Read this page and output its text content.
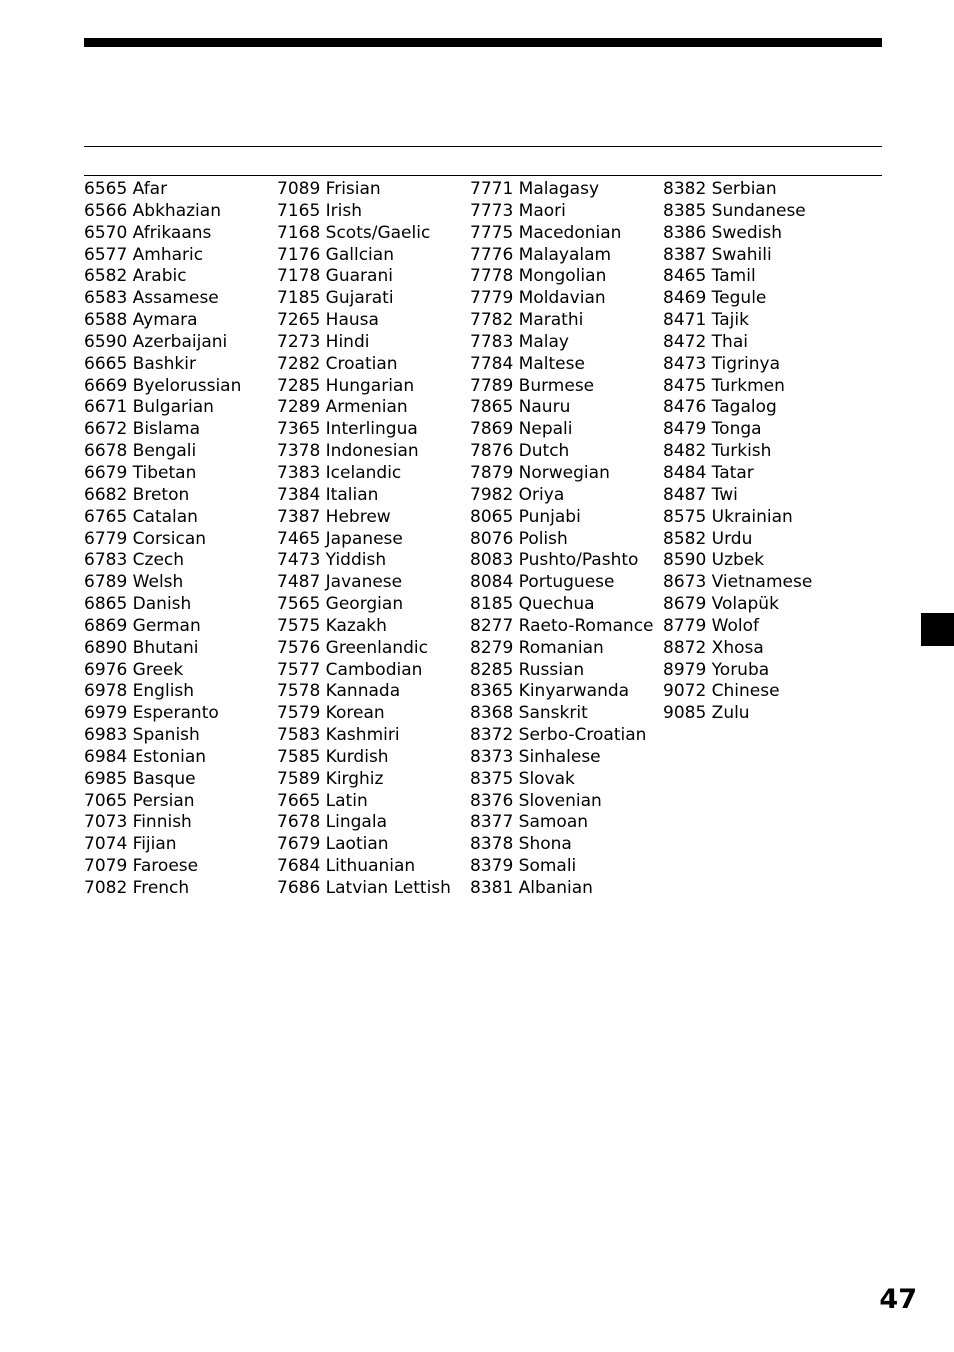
6565 Afar
6566 Abkhazian
6570 Afrikaans
6577 Amharic
6582 Arabic
6583 Assamese
6588 Aymara
6590 Azerbaijani
6665 Bashkir
6669 Byelorussian
6671 Bulgarian
6672 Bislama
6678 Bengali
6679 Tibetan
6682 Breton
6765 Catalan
6779 Corsican
6783 Czech
6789 Welsh
6865 Danish
6869 German
6890 Bhutani
6976 Greek
6978 English
6979 Esperanto
6983 Spanish
6984 Estonian
6985 Basque
7065 Persian
7073 Finnish
7074 Fijian
7079 Faroese
7082 French
7089 Frisian
7165 Irish
7168 Scots/Gaelic
7176 Gallcian
7178 Guarani
7185 Gujarati
7265 Hausa
7273 Hindi
7282 Croatian
7285 Hungarian
7289 Armenian
7365 Interlingua
7378 Indonesian
7383 Icelandic
7384 Italian
7387 Hebrew
7465 Japanese
7473 Yiddish
7487 Javanese
7565 Georgian
7575 Kazakh
7576 Greenlandic
7577 Cambodian
7578 Kannada
7579 Korean
7583 Kashmiri
7585 Kurdish
7589 Kirghiz
7665 Latin
7678 Lingala
7679 Laotian
7684 Lithuanian
7686 Latvian Lettish
7771 Malagasy
7773 Maori
7775 Macedonian
7776 Malayalam
7778 Mongolian
7779 Moldavian
7782 Marathi
7783 Malay
7784 Maltese
7789 Burmese
7865 Nauru
7869 Nepali
7876 Dutch
7879 Norwegian
7982 Oriya
8065 Punjabi
8076 Polish
8083 Pushto/Pashto
8084 Portuguese
8185 Quechua
8277 Raeto-Romance
8279 Romanian
8285 Russian
8365 Kinyarwanda
8368 Sanskrit
8372 Serbo-Croatian
8373 Sinhalese
8375 Slovak
8376 Slovenian
8377 Samoan
8378 Shona
8379 Somali
8381 Albanian
8382 Serbian
8385 Sundanese
8386 Swedish
8387 Swahili
8465 Tamil
8469 Tegule
8471 Tajik
8472 Thai
8473 Tigrinya
8475 Turkmen
8476 Tagalog
8479 Tonga
8482 Turkish
8484 Tatar
8487 Twi
8575 Ukrainian
8582 Urdu
8590 Uzbek
8673 Vietnamese
8679 Volapük
8779 Wolof
8872 Xhosa
8979 Yoruba
9072 Chinese
9085 Zulu
47
